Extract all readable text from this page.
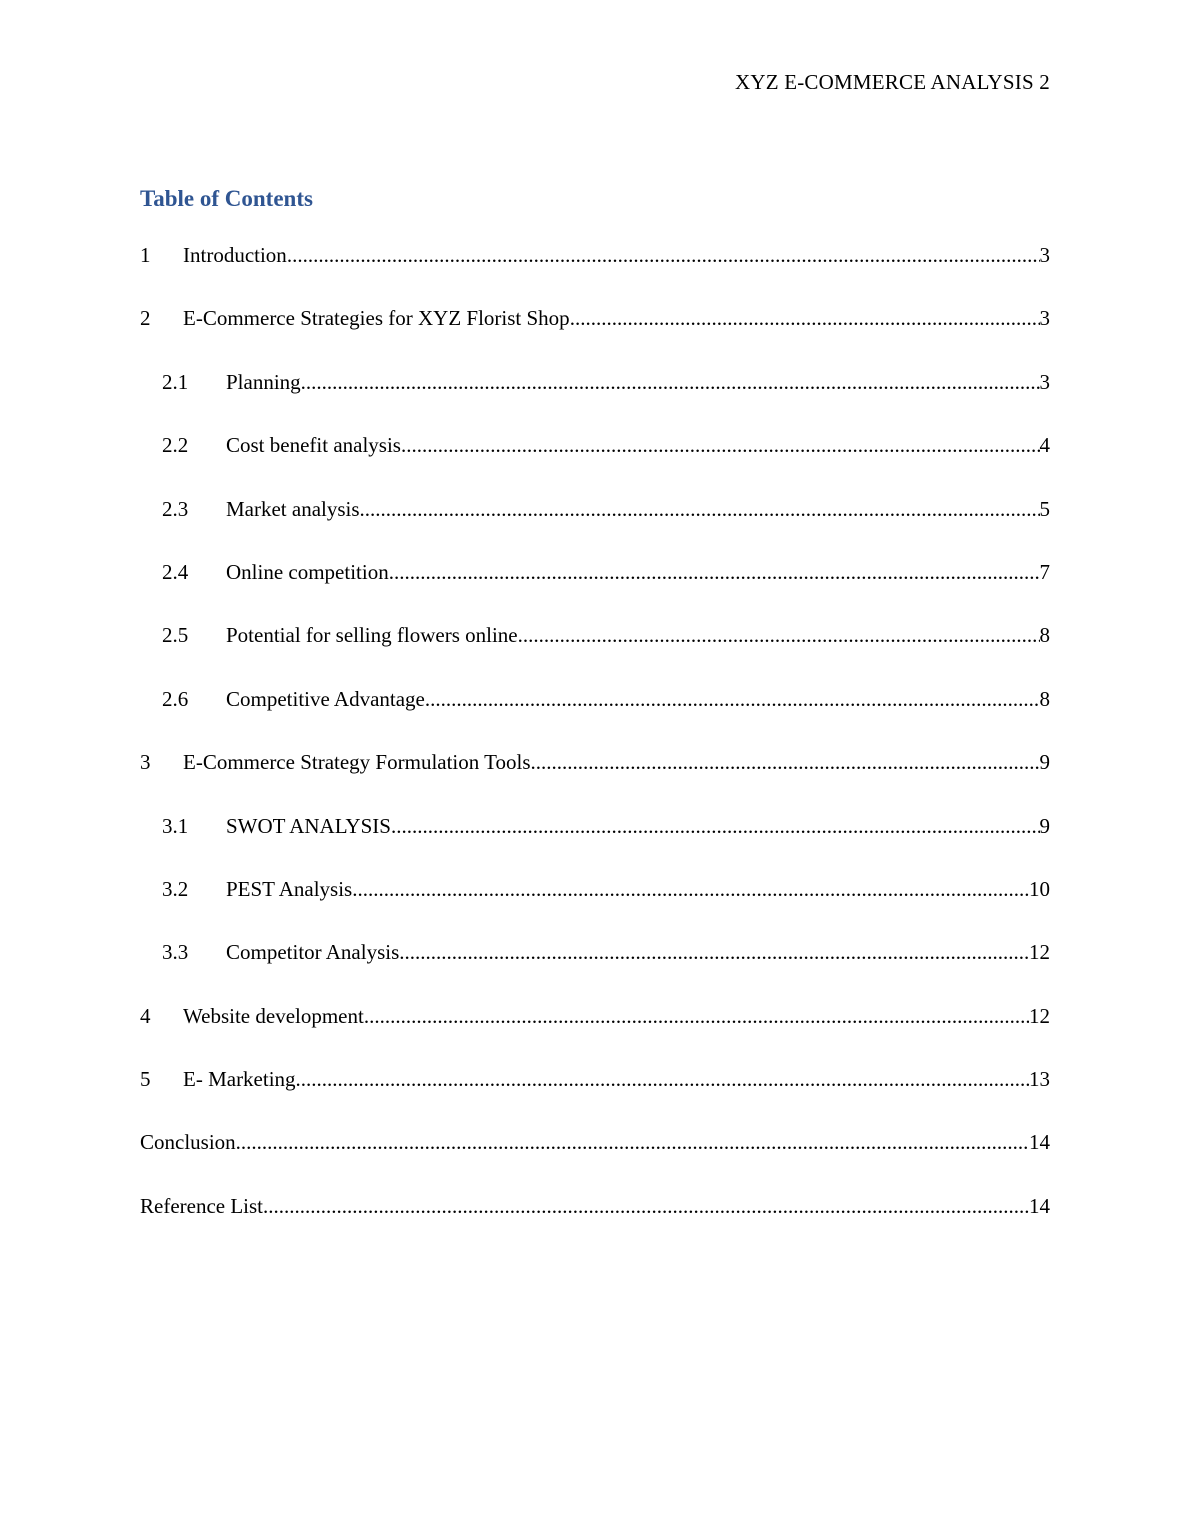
XYZ E-COMMERCE ANALYSIS 2
Table of Contents
1	Introduction .....	3
2	E-Commerce Strategies for XYZ Florist Shop .....	3
2.1	Planning .....	3
2.2	Cost benefit analysis .....	4
2.3	Market analysis .....	5
2.4	Online competition .....	7
2.5	Potential for selling flowers online .....	8
2.6	Competitive Advantage .....	8
3	E-Commerce Strategy Formulation Tools .....	9
3.1	SWOT ANALYSIS .....	9
3.2	PEST Analysis .....	10
3.3	Competitor Analysis .....	12
4	Website development .....	12
5	E- Marketing .....	13
Conclusion .....	14
Reference List .....	14
